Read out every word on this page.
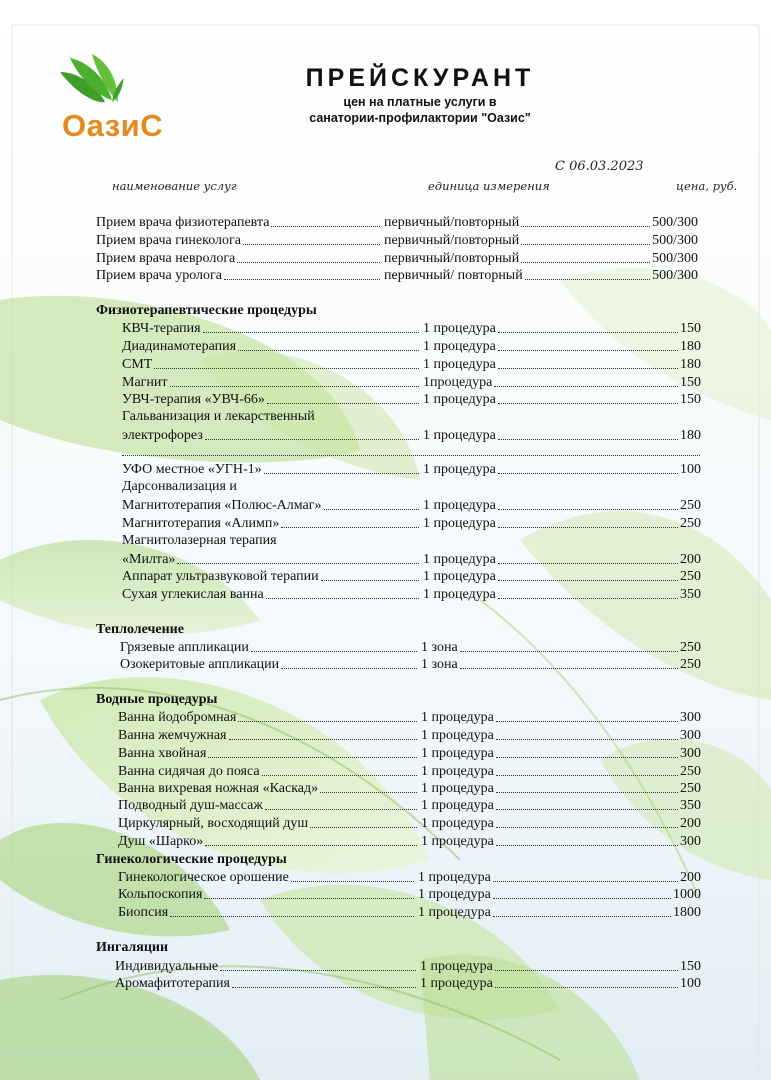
ОазиС
ПРЕЙСКУРАНТ
цен на платные услуги в
санатории-профилактории "Оазис"
С 06.03.2023
наименование услуг	единица измерения	цена, руб.
Прием врача физиотерапевта	первичный/повторный	500/300
Прием врача гинеколога	первичный/повторный	500/300
Прием врача невролога	первичный/повторный	500/300
Прием врача уролога	первичный/ повторный	500/300
Физиотерапевтические процедуры
КВЧ-терапия	1 процедура	150
Диадинамотерапия	1 процедура	180
СМТ	1 процедура	180
Магнит	1процедура	150
УВЧ-терапия «УВЧ-66»	1 процедура	150
Гальванизация и лекарственный
электрофорез	1 процедура	180
УФО местное «УГН-1»	1 процедура	100
Дарсонвализация и
Магнитотерапия «Полюс-Алмаг»	1 процедура	250
Магнитотерапия «Алимп»	1 процедура	250
Магнитолазерная терапия
«Милта»	1 процедура	200
Аппарат ультразвуковой терапии	1 процедура	250
Сухая углекислая ванна	1 процедура	350
Теплолечение
Грязевые аппликации	1 зона	250
Озокеритовые аппликации	1 зона	250
Водные процедуры
Ванна йодобромная	1 процедура	300
Ванна жемчужная	1 процедура	300
Ванна хвойная	1 процедура	300
Ванна сидячая до пояса	1 процедура	250
Ванна вихревая ножная «Каскад»	1 процедура	250
Подводный душ-массаж	1 процедура	350
Циркулярный, восходящий душ	1 процедура	200
Душ «Шарко»	1 процедура	300
Гинекологические процедуры
Гинекологическое орошение	1 процедура	200
Кольпоскопия	1 процедура	1000
Биопсия	1 процедура	1800
Ингаляции
Индивидуальные	1 процедура	150
Аромафитотерапия	1 процедура	100
